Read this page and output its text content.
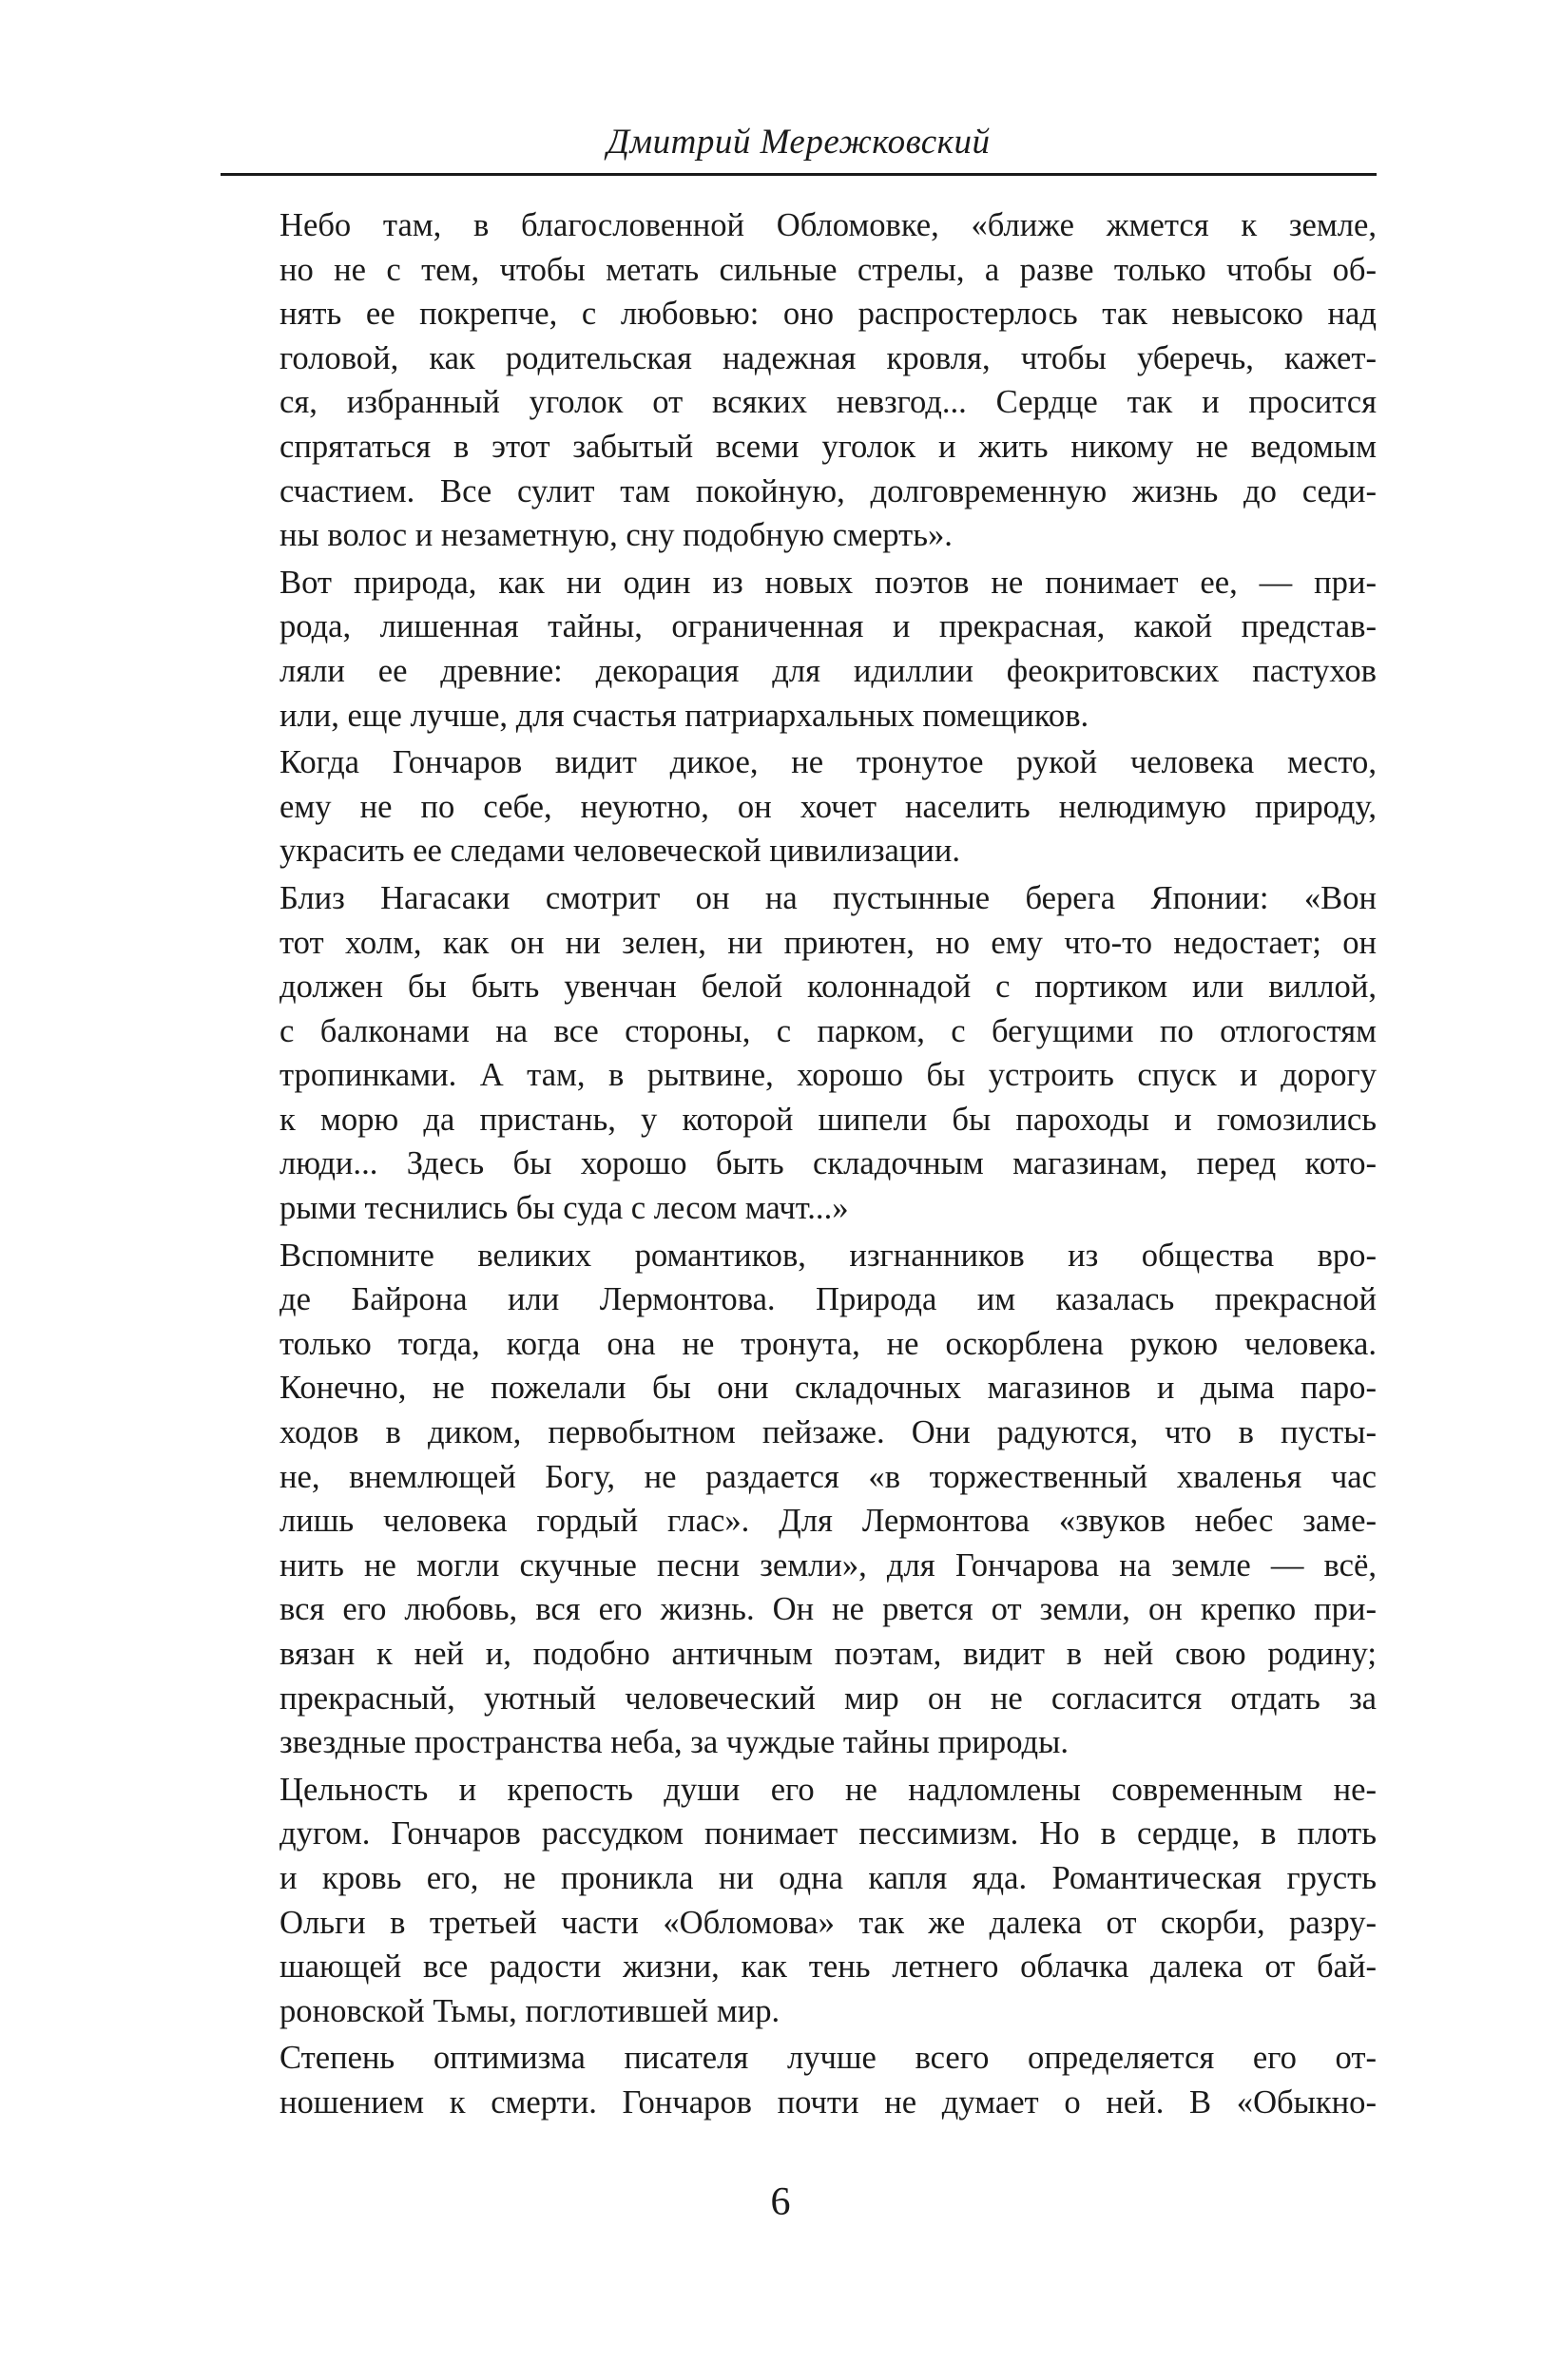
Дмитрий Мережковский

Небо там, в благословенной Обломовке, «ближе жмется к земле,
но не с тем, чтобы метать сильные стрелы, а разве только чтобы об-
нять ее покрепче, с любовью: оно распростерлось так невысоко над
головой, как родительская надежная кровля, чтобы уберечь, кажет-
ся, избранный уголок от всяких невзгод... Сердце так и просится
спрятаться в этот забытый всеми уголок и жить никому не ведомым
счастием. Все сулит там покойную, долговременную жизнь до седи-
ны волос и незаметную, сну подобную смерть».

Вот природа, как ни один из новых поэтов не понимает ее, — при-
рода, лишенная тайны, ограниченная и прекрасная, какой представ-
ляли ее древние: декорация для идиллии феокритовских пастухов
или, еще лучше, для счастья патриархальных помещиков.

Когда Гончаров видит дикое, не тронутое рукой человека место,
ему не по себе, неуютно, он хочет населить нелюдимую природу,
украсить ее следами человеческой цивилизации.

Близ Нагасаки смотрит он на пустынные берега Японии: «Вон
тот холм, как он ни зелен, ни приютен, но ему что-то недостает; он
должен бы быть увенчан белой колоннадой с портиком или виллой,
с балконами на все стороны, с парком, с бегущими по отлогостям
тропинками. А там, в рытвине, хорошо бы устроить спуск и дорогу
к морю да пристань, у которой шипели бы пароходы и гомозились
люди... Здесь бы хорошо быть складочным магазинам, перед кото-
рыми теснились бы суда с лесом мачт...»

Вспомните великих романтиков, изгнанников из общества вро-
де Байрона или Лермонтова. Природа им казалась прекрасной
только тогда, когда она не тронута, не оскорблена рукою человека.
Конечно, не пожелали бы они складочных магазинов и дыма паро-
ходов в диком, первобытном пейзаже. Они радуются, что в пусты-
не, внемлющей Богу, не раздается «в торжественный хваленья час
лишь человека гордый глас». Для Лермонтова «звуков небес заме-
нить не могли скучные песни земли», для Гончарова на земле — всё,
вся его любовь, вся его жизнь. Он не рвется от земли, он крепко при-
вязан к ней и, подобно античным поэтам, видит в ней свою родину;
прекрасный, уютный человеческий мир он не согласится отдать за
звездные пространства неба, за чуждые тайны природы.

Цельность и крепость души его не надломлены современным не-
дугом. Гончаров рассудком понимает пессимизм. Но в сердце, в плоть
и кровь его, не проникла ни одна капля яда. Романтическая грусть
Ольги в третьей части «Обломова» так же далека от скорби, разру-
шающей все радости жизни, как тень летнего облачка далека от бай-
роновской Тьмы, поглотившей мир.

Степень оптимизма писателя лучше всего определяется его от-
ношением к смерти. Гончаров почти не думает о ней. В «Обыкно-

6
